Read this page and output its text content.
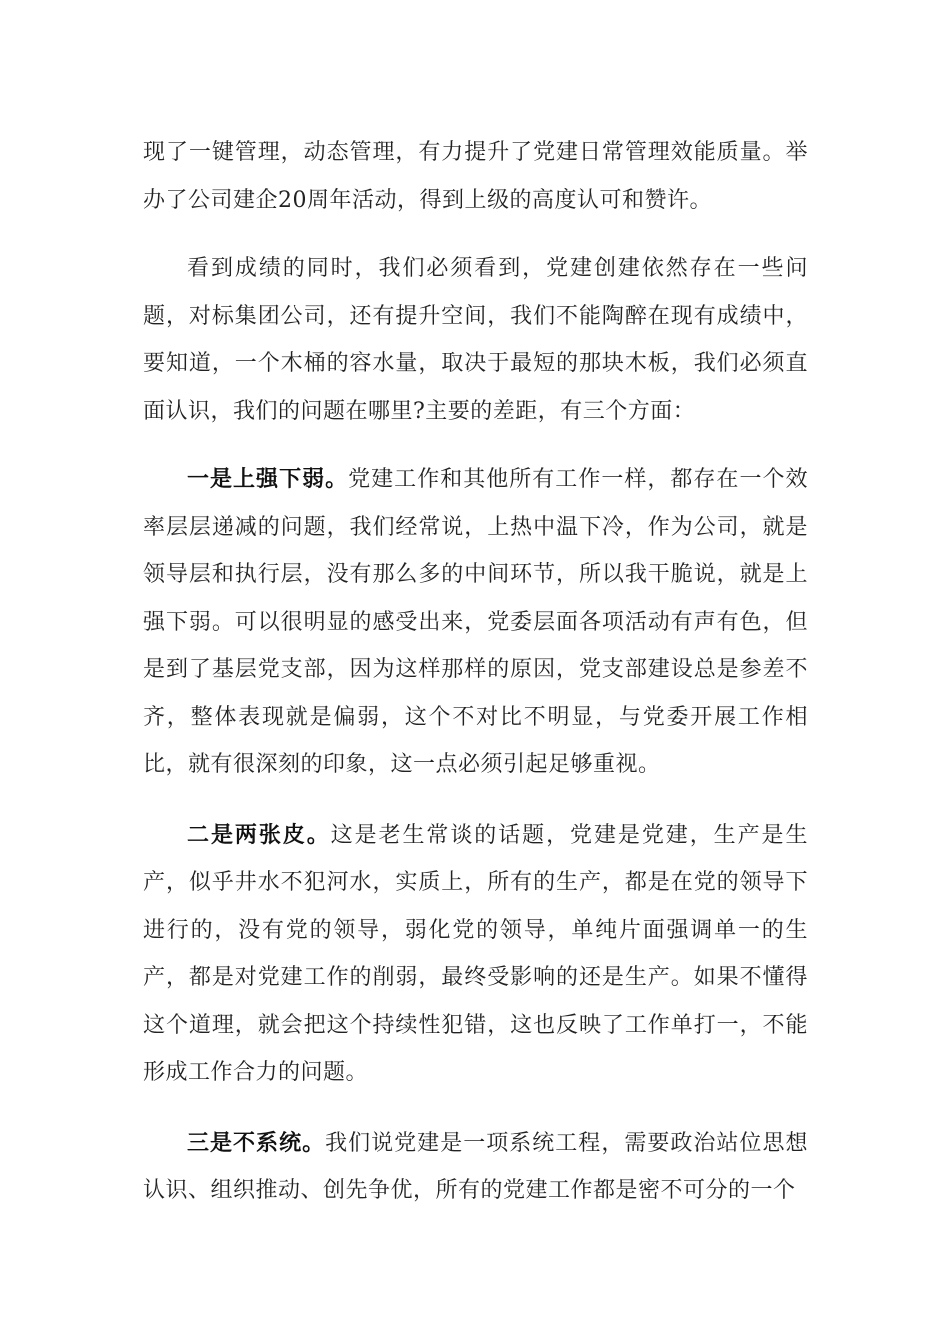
现了一键管理，动态管理，有力提升了党建日常管理效能质量。举办了公司建企20周年活动，得到上级的高度认可和赞许。

看到成绩的同时，我们必须看到，党建创建依然存在一些问题，对标集团公司，还有提升空间，我们不能陶醉在现有成绩中，要知道，一个木桶的容水量，取决于最短的那块木板，我们必须直面认识，我们的问题在哪里?主要的差距，有三个方面：

一是上强下弱。党建工作和其他所有工作一样，都存在一个效率层层递减的问题，我们经常说，上热中温下冷，作为公司，就是领导层和执行层，没有那么多的中间环节，所以我干脆说，就是上强下弱。可以很明显的感受出来，党委层面各项活动有声有色，但是到了基层党支部，因为这样那样的原因，党支部建设总是参差不齐，整体表现就是偏弱，这个不对比不明显，与党委开展工作相比，就有很深刻的印象，这一点必须引起足够重视。

二是两张皮。这是老生常谈的话题，党建是党建，生产是生产，似乎井水不犯河水，实质上，所有的生产，都是在党的领导下进行的，没有党的领导，弱化党的领导，单纯片面强调单一的生产，都是对党建工作的削弱，最终受影响的还是生产。如果不懂得这个道理，就会把这个持续性犯错，这也反映了工作单打一，不能形成工作合力的问题。

三是不系统。我们说党建是一项系统工程，需要政治站位思想认识、组织推动、创先争优，所有的党建工作都是密不可分的一个
